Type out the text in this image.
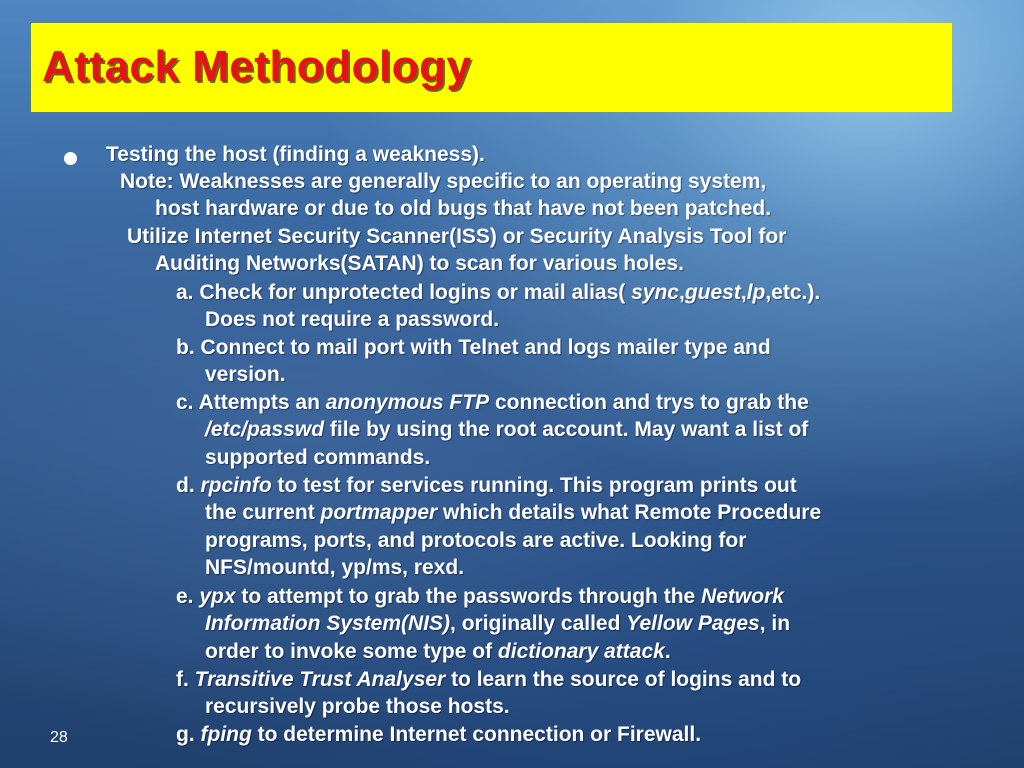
Attack Methodology
Testing the host (finding a weakness).
Note: Weaknesses are generally specific to an operating system,
host hardware or due to old bugs that have not been patched.
Utilize Internet Security Scanner(ISS) or Security Analysis Tool for
Auditing Networks(SATAN) to scan for various holes.
a. Check for unprotected logins or mail alias( sync,guest,lp,etc.).
Does not require a password.
b. Connect to mail port with Telnet and logs mailer type and
version.
c. Attempts an anonymous FTP connection and trys to grab the
/etc/passwd file by using the root account. May want a list of
supported commands.
d. rpcinfo to test for services running. This program prints out
the current portmapper which details what Remote Procedure
programs, ports, and protocols are active. Looking for
NFS/mountd, yp/ms, rexd.
e. ypx to attempt to grab the passwords through the Network
Information System(NIS), originally called Yellow Pages, in
order to invoke some type of dictionary attack.
f. Transitive Trust Analyser to learn the source of logins and to
recursively probe those hosts.
g. fping to determine Internet connection or Firewall.
28
